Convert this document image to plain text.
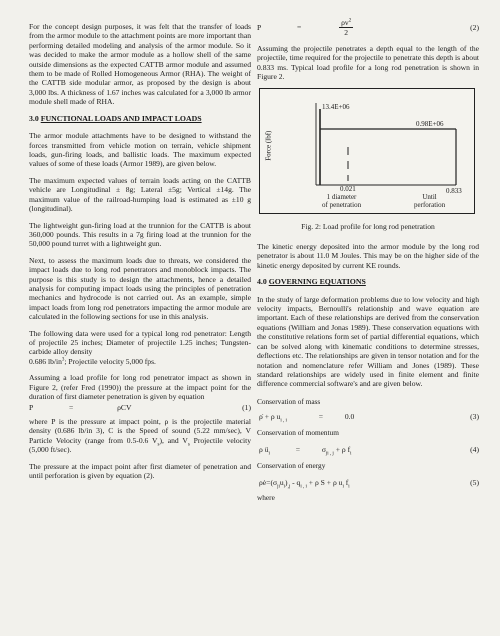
For the concept design purposes, it was felt that the transfer of loads from the armor module to the attachment points are more important than performing detailed modeling and analysis of the armor module. So it was decided to make the armor module as a hollow shell of the same outside dimensions as the expected CATTB armor module and assumed them to be made of Rolled Homogeneous Armor (RHA). The weight of the CATTB side modular armor, as proposed by the design is about 3,000 lbs. A thickness of 1.67 inches was calculated for a 3,000 lb armor module shell made of RHA.

3.0 FUNCTIONAL LOADS AND IMPACT LOADS

The armor module attachments have to be designed to withstand the forces transmitted from vehicle motion on terrain, vehicle shipment loads, gun-firing loads, and ballistic loads. The maximum expected values of some of these loads (Armor 1989), are given below.

The maximum expected values of terrain loads acting on the CATTB vehicle are Longitudinal ± 8g; Lateral ±5g; Vertical ±14g. The maximum value of the railroad-humping load is estimated as ±10 g (longitudinal).

The lightweight gun-firing load at the trunnion for the CATTB is about 360,000 pounds. This results in a 7g firing load at the trunnion for the 50,000 pound turret with a lightweight gun.

Next, to assess the maximum loads due to threats, we considered the impact loads due to long rod penetrators and monoblock impacts. The purpose is this study is to design the attachments, hence a detailed analysis for computing impact loads using the principles of penetration mechanics and hydrocode is not carried out. As an example, simple impact loads from long rod penetrators impacting the armor module are calculated in the following sections for use in this analysis.

The following data were used for a typical long rod penetrator: Length of projectile 25 inches; Diameter of projectile 1.25 inches; Tungsten-carbide alloy density
0.686 $lb/in^3$; Projectile velocity 5,000 fps.

Assuming a load profile for long rod penetrator impact as shown in Figure 2, (refer Fred (1990)) the pressure at the impact point for the duration of first diameter penetration is given by equation

P	=	ρCV	(1)

where P is the pressure at impact point, ρ is the projectile material density (0.686 lb/in 3), C is the Speed of sound (5.22 mm/sec), V Particle Velocity (range from 0.5-0.6 $V_s$), and $V_s$ Projectile velocity (5,000 ft/sec).

The pressure at the impact point after first diameter of penetration and until perforation is given by equation (2).

P	=	$\frac{\rho v^2}{2}$	(2)

Assuming the projectile penetrates a depth equal to the length of the projectile, time required for the projectile to penetrate this depth is about 0.833 ms. Typical load profile for a long rod penetration is shown in Figure 2.

13.4E+06
0.98E+06
Force (lbf)
0.021	0.833
1 diameter
of penetration
Until
perforation

Fig. 2: Load profile for long rod penetration

The kinetic energy deposited into the armor module by the long rod penetrator is about 11.0 M Joules. This may be on the higher side of the kinetic energy deposited by current KE rounds.

4.0 GOVERNING EQUATIONS

In the study of large deformation problems due to low velocity and high velocity impacts, Bernoulli's relationship and wave equation are important. Each of these relationships are derived from the conservation equations (William and Jonas 1989). These conservation equations with the constitutive relations form set of partial differential equations, which can be solved along with kinematic conditions to determine stresses, deflections etc. The relationships are given in tensor notation and for the notation and nomenclature refer William and Jones (1989). These standard relationships are widely used in finite element and finite difference commercial software's and are given below.

Conservation of mass
ρ̇ + ρ $u_{i , i}$  =	0.0	(3)
Conservation of momentum
ρ $ü_i$  =	$\sigma_{ji , j} + \rho$ $f_i$
(4)
Conservation of energy
$\rho ė=(\sigma_{ji}u_i)_{,j} - q_{i , i} + \rho$ S + ρ $u_i$ $f_i$
(5)
where
